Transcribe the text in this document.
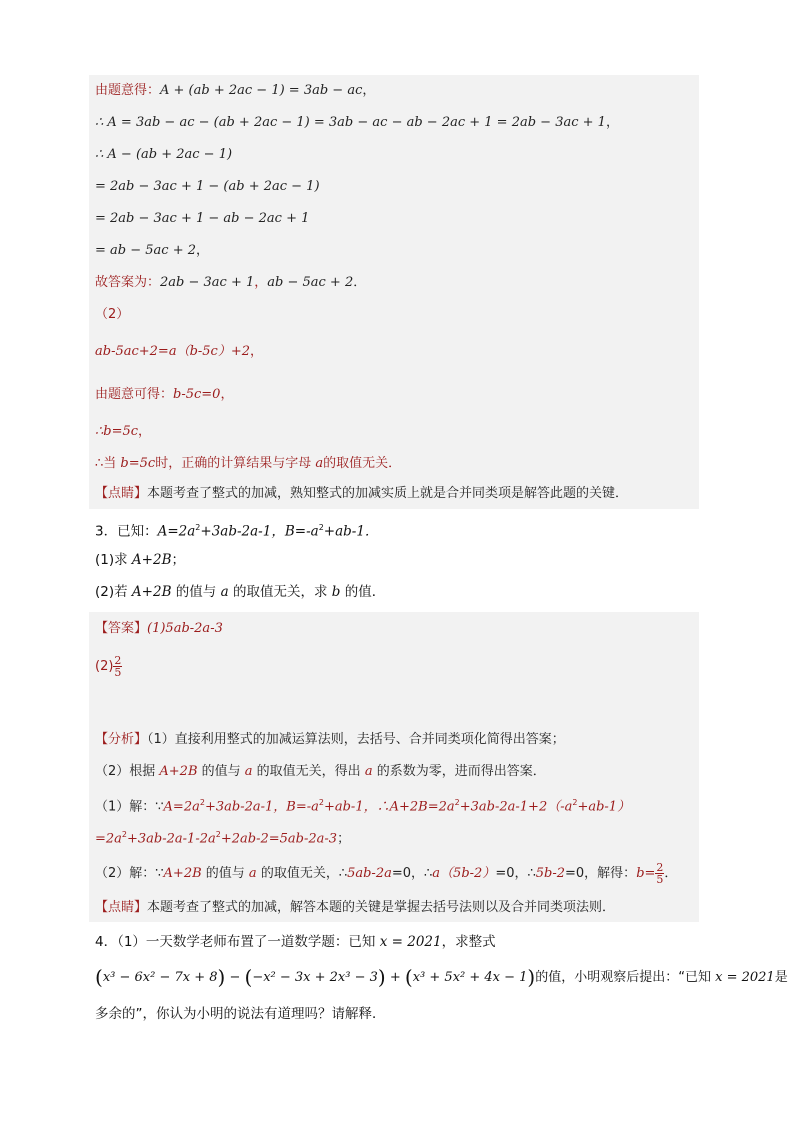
由题意得：A + (ab + 2ac − 1) = 3ab − ac，
∴ A = 3ab − ac − (ab + 2ac − 1) = 3ab − ac − ab − 2ac + 1 = 2ab − 3ac + 1，
∴ A − (ab + 2ac − 1)
= 2ab − 3ac + 1 − (ab + 2ac − 1)
= 2ab − 3ac + 1 − ab − 2ac + 1
= ab − 5ac + 2，
故答案为：2ab − 3ac + 1，ab − 5ac + 2．
（2）
ab-5ac+2=a（b-5c）+2，
由题意可得：b-5c=0，
∴b=5c，
∴当 b=5c时，正确的计算结果与字母 a的取值无关．
【点睛】本题考查了整式的加减，熟知整式的加减实质上就是合并同类项是解答此题的关键．
3．已知：$A=2a^2+3ab-2a-1$，$B=-a^2+ab-1$．
(1)求 A+2B；
(2)若 A+2B 的值与 a 的取值无关，求 b 的值．
【答案】(1)5ab-2a-3
$(2) \frac{2}{5}$
【分析】（1）直接利用整式的加减运算法则，去括号、合并同类项化简得出答案；
（2）根据 A+2B 的值与 a 的取值无关，得出 a 的系数为零，进而得出答案．
（1）解：$\because A=2a^2+3ab-2a-1$，$B=-a^2+ab-1$，$\therefore A+2B=2a^2+3ab-2a-1+2(-a^2+ab-1)$
$=2a^2+3ab-2a-1-2a^2+2ab-2=5ab-2a-3$；
（2）解：∵A+2B 的值与 a 的取值无关，∴5ab-2a=0，∴a（5b-2）=0，∴5b-2=0，解得：$b= \frac{2}{5}$ ．
【点睛】本题考查了整式的加减，解答本题的关键是掌握去括号法则以及合并同类项法则．
4．（1）一天数学老师布置了一道数学题：已知 x = 2021，求整式
(x³ − 6x² − 7x + 8) − (−x² − 3x + 2x³ − 3) + (x³ + 5x² + 4x − 1)的值，小明观察后提出：“已知 x = 2021是
多余的”，你认为小明的说法有道理吗？请解释．
